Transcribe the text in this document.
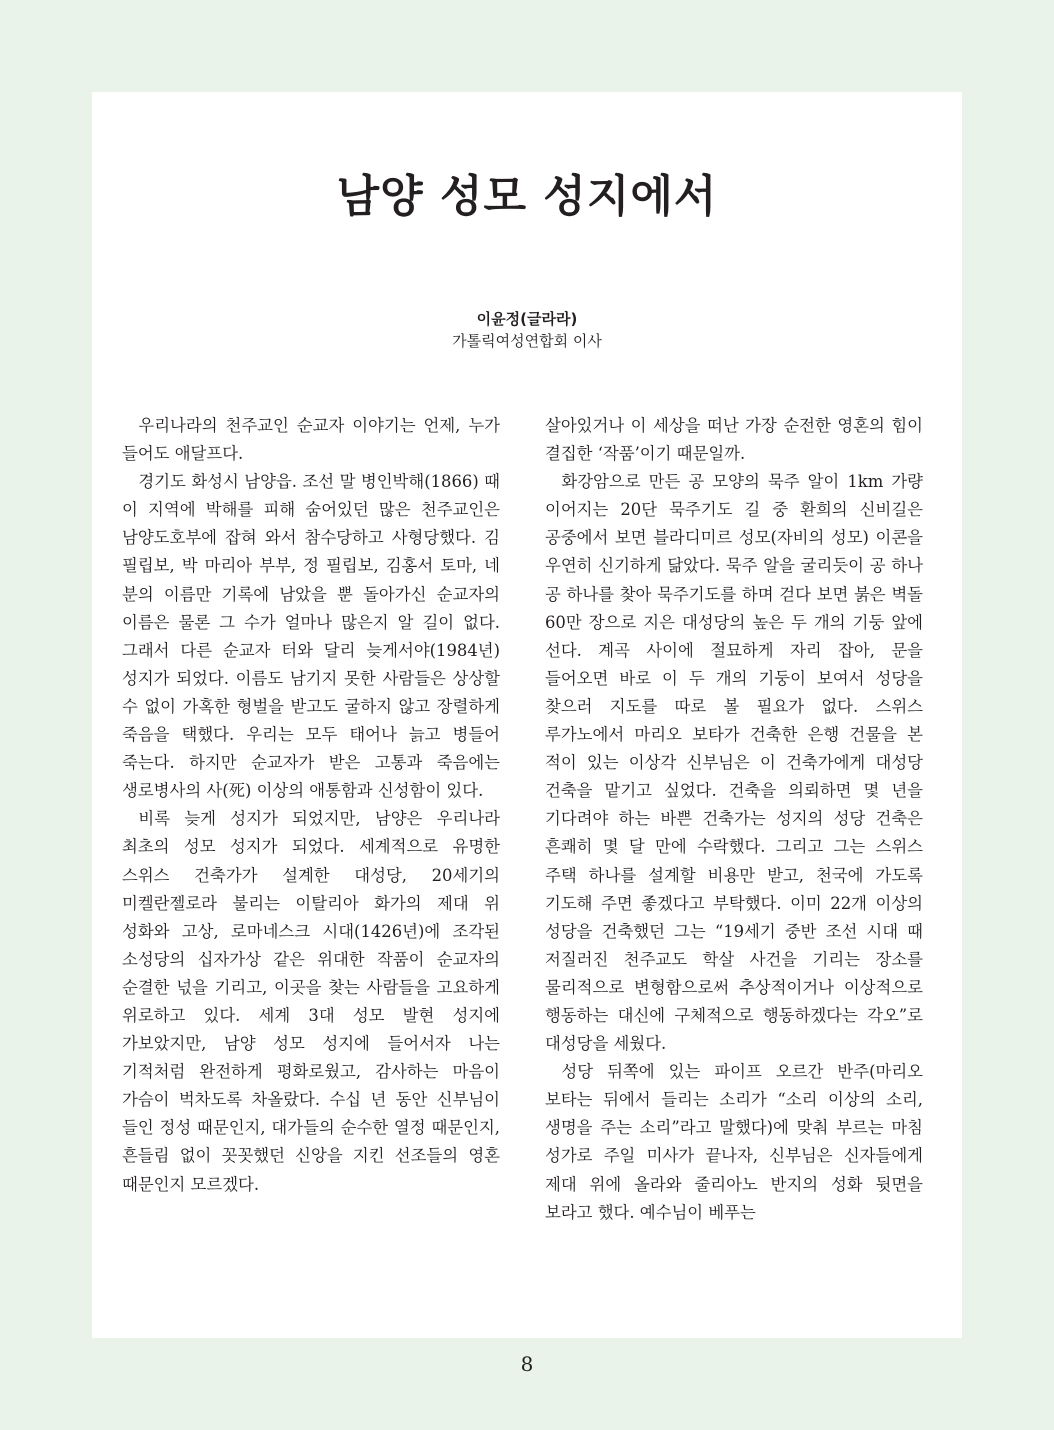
남양 성모 성지에서
이윤정(글라라)
가톨릭여성연합회 이사

우리나라의 천주교인 순교자 이야기는 언제, 누가 들어도 애달프다.

경기도 화성시 남양읍. 조선 말 병인박해(1866) 때 이 지역에 박해를 피해 숨어있던 많은 천주교인은 남양도호부에 잡혀 와서 참수당하고 사형당했다. 김 필립보, 박 마리아 부부, 정 필립보, 김홍서 토마, 네 분의 이름만 기록에 남았을 뿐 돌아가신 순교자의 이름은 물론 그 수가 얼마나 많은지 알 길이 없다. 그래서 다른 순교자 터와 달리 늦게서야(1984년) 성지가 되었다. 이름도 남기지 못한 사람들은 상상할 수 없이 가혹한 형벌을 받고도 굴하지 않고 장렬하게 죽음을 택했다. 우리는 모두 태어나 늙고 병들어 죽는다. 하지만 순교자가 받은 고통과 죽음에는 생로병사의 사(死) 이상의 애통함과 신성함이 있다.

비록 늦게 성지가 되었지만, 남양은 우리나라 최초의 성모 성지가 되었다. 세계적으로 유명한 스위스 건축가가 설계한 대성당, 20세기의 미켈란젤로라 불리는 이탈리아 화가의 제대 위 성화와 고상, 로마네스크 시대(1426년)에 조각된 소성당의 십자가상 같은 위대한 작품이 순교자의 순결한 넋을 기리고, 이곳을 찾는 사람들을 고요하게 위로하고 있다. 세계 3대 성모 발현 성지에 가보았지만, 남양 성모 성지에 들어서자 나는 기적처럼 완전하게 평화로웠고, 감사하는 마음이 가슴이 벅차도록 차올랐다. 수십 년 동안 신부님이 들인 정성 때문인지, 대가들의 순수한 열정 때문인지, 흔들림 없이 꼿꼿했던 신앙을 지킨 선조들의 영혼 때문인지 모르겠다.

살아있거나 이 세상을 떠난 가장 순전한 영혼의 힘이 결집한 ‘작품’이기 때문일까.

화강암으로 만든 공 모양의 묵주 알이 1km 가량 이어지는 20단 묵주기도 길 중 환희의 신비길은 공중에서 보면 블라디미르 성모(자비의 성모) 이콘을 우연히 신기하게 닮았다. 묵주 알을 굴리듯이 공 하나 공 하나를 찾아 묵주기도를 하며 걷다 보면 붉은 벽돌 60만 장으로 지은 대성당의 높은 두 개의 기둥 앞에 선다. 계곡 사이에 절묘하게 자리 잡아, 문을 들어오면 바로 이 두 개의 기둥이 보여서 성당을 찾으러 지도를 따로 볼 필요가 없다. 스위스 루가노에서 마리오 보타가 건축한 은행 건물을 본 적이 있는 이상각 신부님은 이 건축가에게 대성당 건축을 맡기고 싶었다. 건축을 의뢰하면 몇 년을 기다려야 하는 바쁜 건축가는 성지의 성당 건축은 흔쾌히 몇 달 만에 수락했다. 그리고 그는 스위스 주택 하나를 설계할 비용만 받고, 천국에 가도록 기도해 주면 좋겠다고 부탁했다. 이미 22개 이상의 성당을 건축했던 그는 “19세기 중반 조선 시대 때 저질러진 천주교도 학살 사건을 기리는 장소를 물리적으로 변형함으로써 추상적이거나 이상적으로 행동하는 대신에 구체적으로 행동하겠다는 각오”로 대성당을 세웠다.

성당 뒤쪽에 있는 파이프 오르간 반주(마리오 보타는 뒤에서 들리는 소리가 “소리 이상의 소리, 생명을 주는 소리”라고 말했다)에 맞춰 부르는 마침 성가로 주일 미사가 끝나자, 신부님은 신자들에게 제대 위에 올라와 줄리아노 반지의 성화 뒷면을 보라고 했다. 예수님이 베푸는

8
